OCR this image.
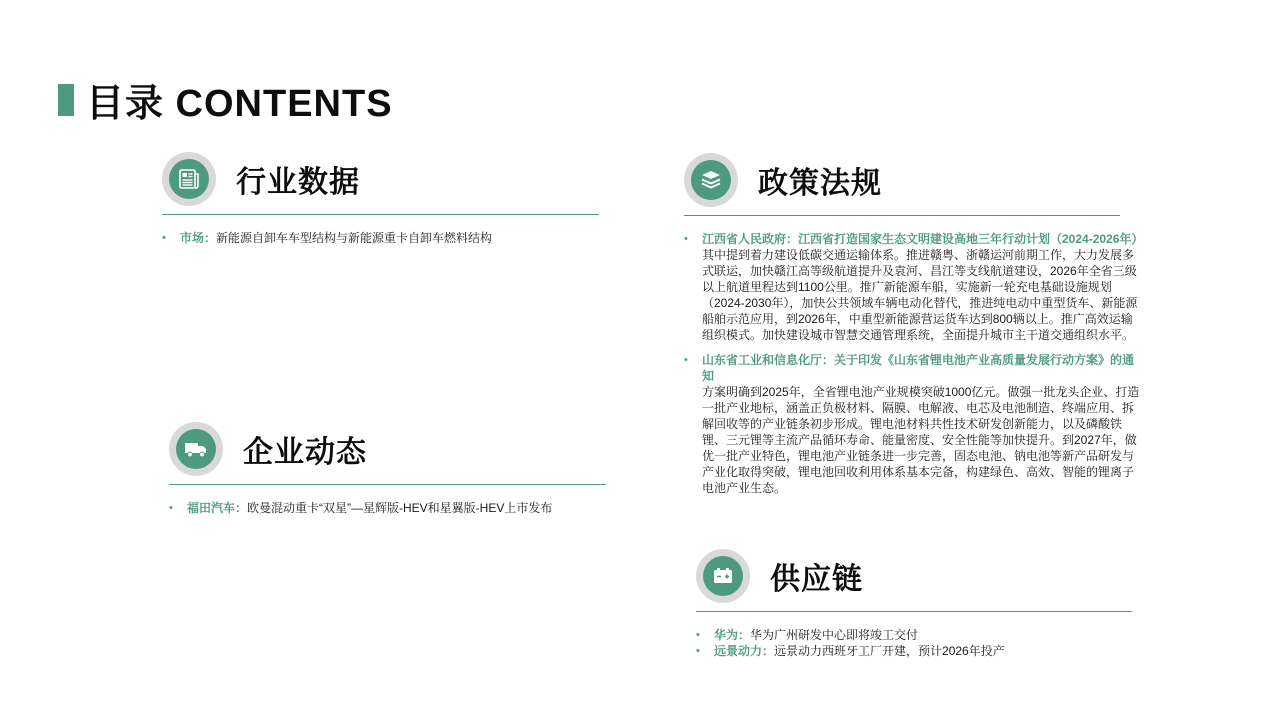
目录 CONTENTS
行业数据
• 市场：新能源自卸车车型结构与新能源重卡自卸车燃料结构
企业动态
• 福田汽车：欧曼混动重卡“双星”—星辉版-HEV和星翼版-HEV上市发布
政策法规
• 江西省人民政府：江西省打造国家生态文明建设高地三年行动计划（2024-2026年）
其中提到着力建设低碳交通运输体系。推进赣粤、浙赣运河前期工作，大力发展多式联运，加快赣江高等级航道提升及袁河、昌江等支线航道建设，2026年全省三级以上航道里程达到1100公里。推广新能源车船，实施新一轮充电基础设施规划（2024-2030年），加快公共领域车辆电动化替代，推进纯电动中重型货车、新能源船舶示范应用，到2026年，中重型新能源营运货车达到800辆以上。推广高效运输组织模式。加快建设城市智慧交通管理系统，全面提升城市主干道交通组织水平。
• 山东省工业和信息化厅：关于印发《山东省锂电池产业高质量发展行动方案》的通知
方案明确到2025年，全省锂电池产业规模突破1000亿元。做强一批龙头企业、打造一批产业地标，涵盖正负极材料、隔膜、电解液、电芯及电池制造、终端应用、拆解回收等的产业链条初步形成。锂电池材料共性技术研发创新能力，以及磷酸铁锂、三元锂等主流产品循环寿命、能量密度、安全性能等加快提升。到2027年，做优一批产业特色，锂电池产业链条进一步完善，固态电池、钠电池等新产品研发与产业化取得突破，锂电池回收利用体系基本完备，构建绿色、高效、智能的锂离子电池产业生态。
供应链
• 华为：华为广州研发中心即将竣工交付
• 远景动力：远景动力西班牙工厂开建，预计2026年投产
